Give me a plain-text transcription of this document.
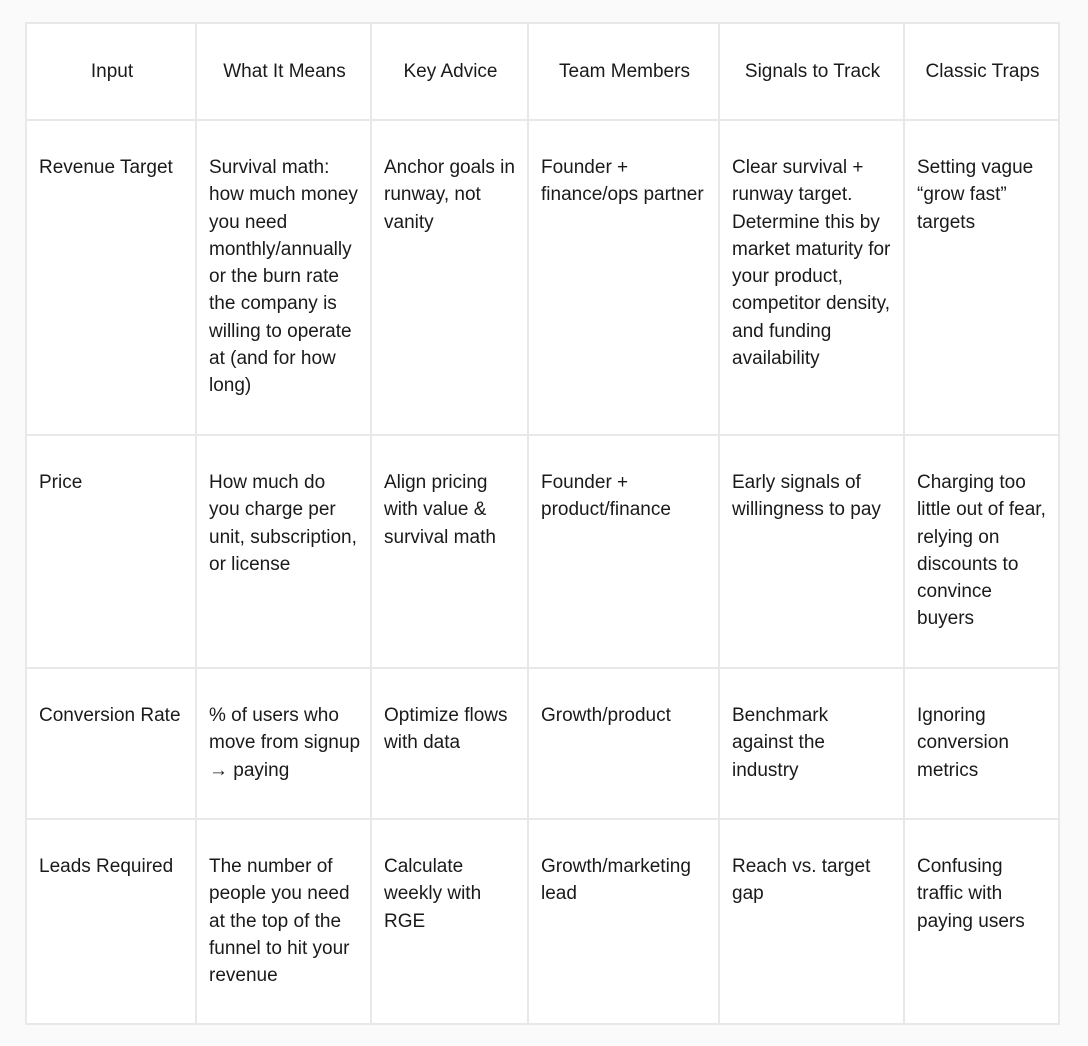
Input	What It Means	Key Advice	Team Members	Signals to Track	Classic Traps
Revenue Target	Survival math: how much money you need monthly/annually or the burn rate the company is willing to operate at (and for how long)	Anchor goals in runway, not vanity	Founder + finance/ops partner	Clear survival + runway target. Determine this by market maturity for your product, competitor density, and funding availability	Setting vague “grow fast” targets
Price	How much do you charge per unit, subscription, or license	Align pricing with value & survival math	Founder + product/finance	Early signals of willingness to pay	Charging too little out of fear, relying on discounts to convince buyers
Conversion Rate	% of users who move from signup → paying	Optimize flows with data	Growth/product	Benchmark against the industry	Ignoring conversion metrics
Leads Required	The number of people you need at the top of the funnel to hit your revenue	Calculate weekly with RGE	Growth/marketing lead	Reach vs. target gap	Confusing traffic with paying users
